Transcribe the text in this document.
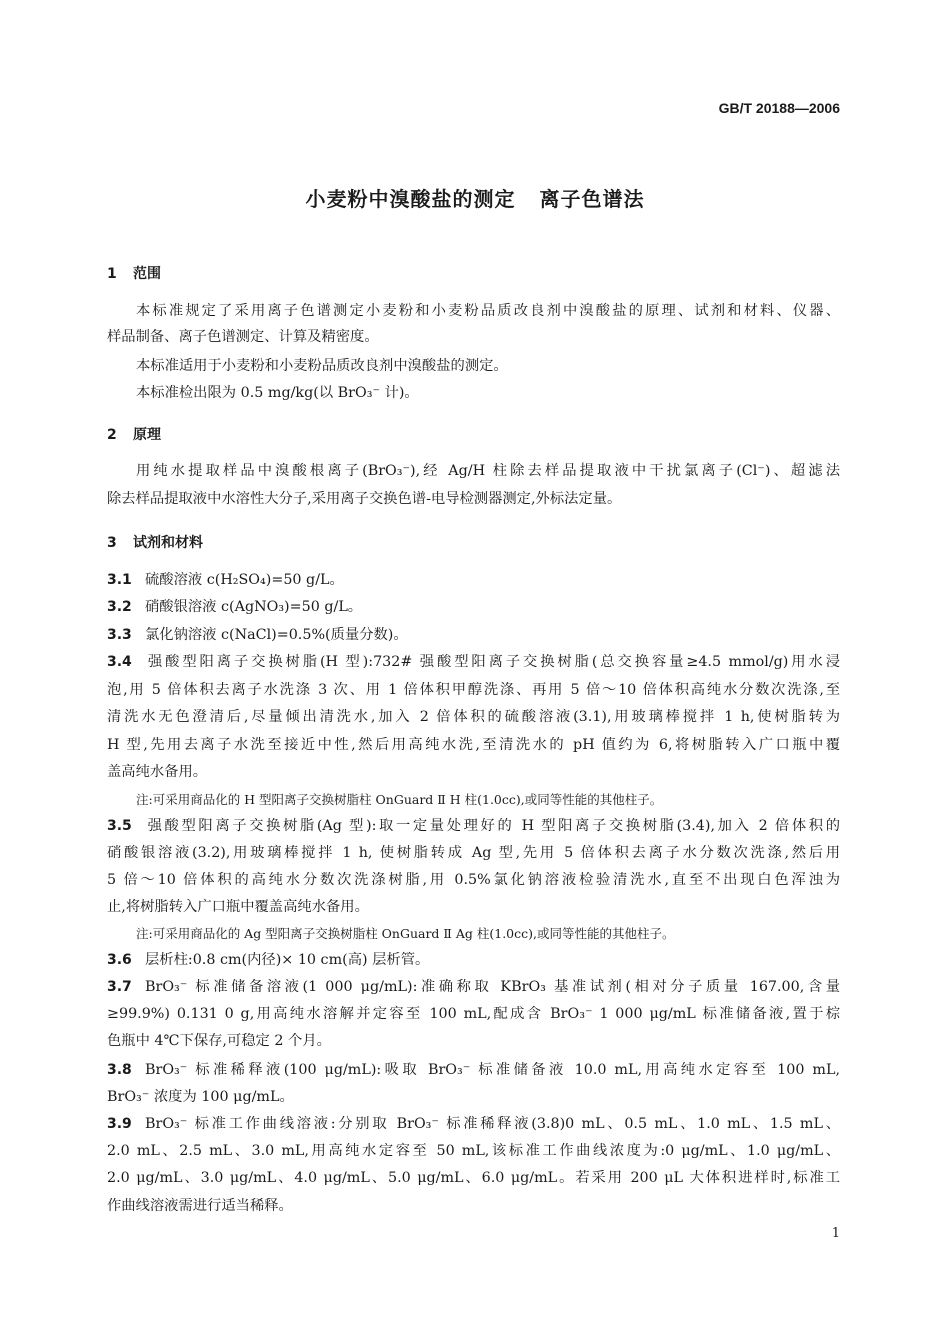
GB/T 20188—2006
小麦粉中溴酸盐的测定 离子色谱法
1 范围
本标准规定了采用离子色谱测定小麦粉和小麦粉品质改良剂中溴酸盐的原理、试剂和材料、仪器、
样品制备、离子色谱测定、计算及精密度。
本标准适用于小麦粉和小麦粉品质改良剂中溴酸盐的测定。
本标准检出限为 0.5 mg/kg(以 BrO₃⁻ 计)。
2 原理
用纯水提取样品中溴酸根离子(BrO₃⁻),经 Ag/H 柱除去样品提取液中干扰氯离子(Cl⁻)、超滤法
除去样品提取液中水溶性大分子,采用离子交换色谱-电导检测器测定,外标法定量。
3 试剂和材料
3.1 硫酸溶液 c(H₂SO₄)=50 g/L。
3.2 硝酸银溶液 c(AgNO₃)=50 g/L。
3.3 氯化钠溶液 c(NaCl)=0.5%(质量分数)。
3.4 强酸型阳离子交换树脂(H 型):732# 强酸型阳离子交换树脂(总交换容量≥4.5 mmol/g)用水浸
泡,用 5 倍体积去离子水洗涤 3 次、用 1 倍体积甲醇洗涤、再用 5 倍～10 倍体积高纯水分数次洗涤,至
清洗水无色澄清后,尽量倾出清洗水,加入 2 倍体积的硫酸溶液(3.1),用玻璃棒搅拌 1 h,使树脂转为
H 型,先用去离子水洗至接近中性,然后用高纯水洗,至清洗水的 pH 值约为 6,将树脂转入广口瓶中覆
盖高纯水备用。
注:可采用商品化的 H 型阳离子交换树脂柱 OnGuard Ⅱ H 柱(1.0cc),或同等性能的其他柱子。
3.5 强酸型阳离子交换树脂(Ag 型):取一定量处理好的 H 型阳离子交换树脂(3.4),加入 2 倍体积的
硝酸银溶液(3.2),用玻璃棒搅拌 1 h, 使树脂转成 Ag 型,先用 5 倍体积去离子水分数次洗涤,然后用
5 倍～10 倍体积的高纯水分数次洗涤树脂,用 0.5%氯化钠溶液检验清洗水,直至不出现白色浑浊为
止,将树脂转入广口瓶中覆盖高纯水备用。
注:可采用商品化的 Ag 型阳离子交换树脂柱 OnGuard Ⅱ Ag 柱(1.0cc),或同等性能的其他柱子。
3.6 层析柱:0.8 cm(内径)× 10 cm(高) 层析管。
3.7 BrO₃⁻ 标准储备溶液(1 000 μg/mL):准确称取 KBrO₃ 基准试剂(相对分子质量 167.00,含量
≥99.9%) 0.131 0 g,用高纯水溶解并定容至 100 mL,配成含 BrO₃⁻ 1 000 μg/mL 标准储备液,置于棕
色瓶中 4℃下保存,可稳定 2 个月。
3.8 BrO₃⁻ 标准稀释液(100 μg/mL):吸取 BrO₃⁻ 标准储备液 10.0 mL,用高纯水定容至 100 mL,
BrO₃⁻ 浓度为 100 μg/mL。
3.9 BrO₃⁻ 标准工作曲线溶液:分别取 BrO₃⁻ 标准稀释液(3.8)0 mL、0.5 mL、1.0 mL、1.5 mL、
2.0 mL、2.5 mL、3.0 mL,用高纯水定容至 50 mL,该标准工作曲线浓度为:0 μg/mL、1.0 μg/mL、
2.0 μg/mL、3.0 μg/mL、4.0 μg/mL、5.0 μg/mL、6.0 μg/mL。若采用 200 μL 大体积进样时,标准工
作曲线溶液需进行适当稀释。
1
